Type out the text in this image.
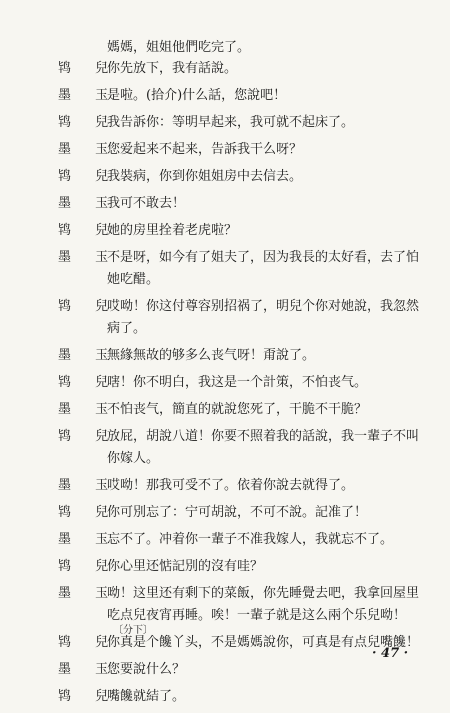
媽媽，姐姐他們吃完了。
鸨 兒
你先放下，我有話說。
墨 玉
是啦。(拾介)什么話，您說吧！
鸨 兒
我告訴你：等明早起来，我可就不起床了。
墨 玉
您爱起来不起来，告訴我干么呀？
鸨 兒
我裝病，你到你姐姐房中去信去。
墨 玉
我可不敢去！
鸨 兒
她的房里拴着老虎啦？
墨 玉
不是呀，如今有了姐夫了，因为我長的太好看，去了怕她吃醋。
鸨 兒
哎呦！你这付尊容别招祸了，明兒个你对她說，我忽然病了。
墨 玉
無緣無故的够多么丧气呀！甭說了。
鸨 兒
嗐！你不明白，我这是一个計策，不怕丧气。
墨 玉
不怕丧气，簡直的就說您死了，干脆不干脆？
鸨 兒
放屁，胡說八道！你要不照着我的話說，我一輩子不叫你嫁人。
墨 玉
哎呦！那我可受不了。依着你說去就得了。
鸨 兒
你可別忘了：宁可胡說，不可不說。記准了！
墨 玉
忘不了。冲着你一輩子不准我嫁人，我就忘不了。
鸨 兒
你心里还惦記別的沒有哇？
墨 玉
呦！这里还有剩下的菜飯，你先睡覺去吧，我拿回屋里吃点兒夜宵再睡。唉！一輩子就是这么兩个乐兒呦！
鸨 兒
你真是个饞丫头，不是媽媽說你，可真是有点兒嘴饞！
墨 玉
您要說什么？
鸨 兒
嘴饞就結了。
〔分下〕
· 47 ·
